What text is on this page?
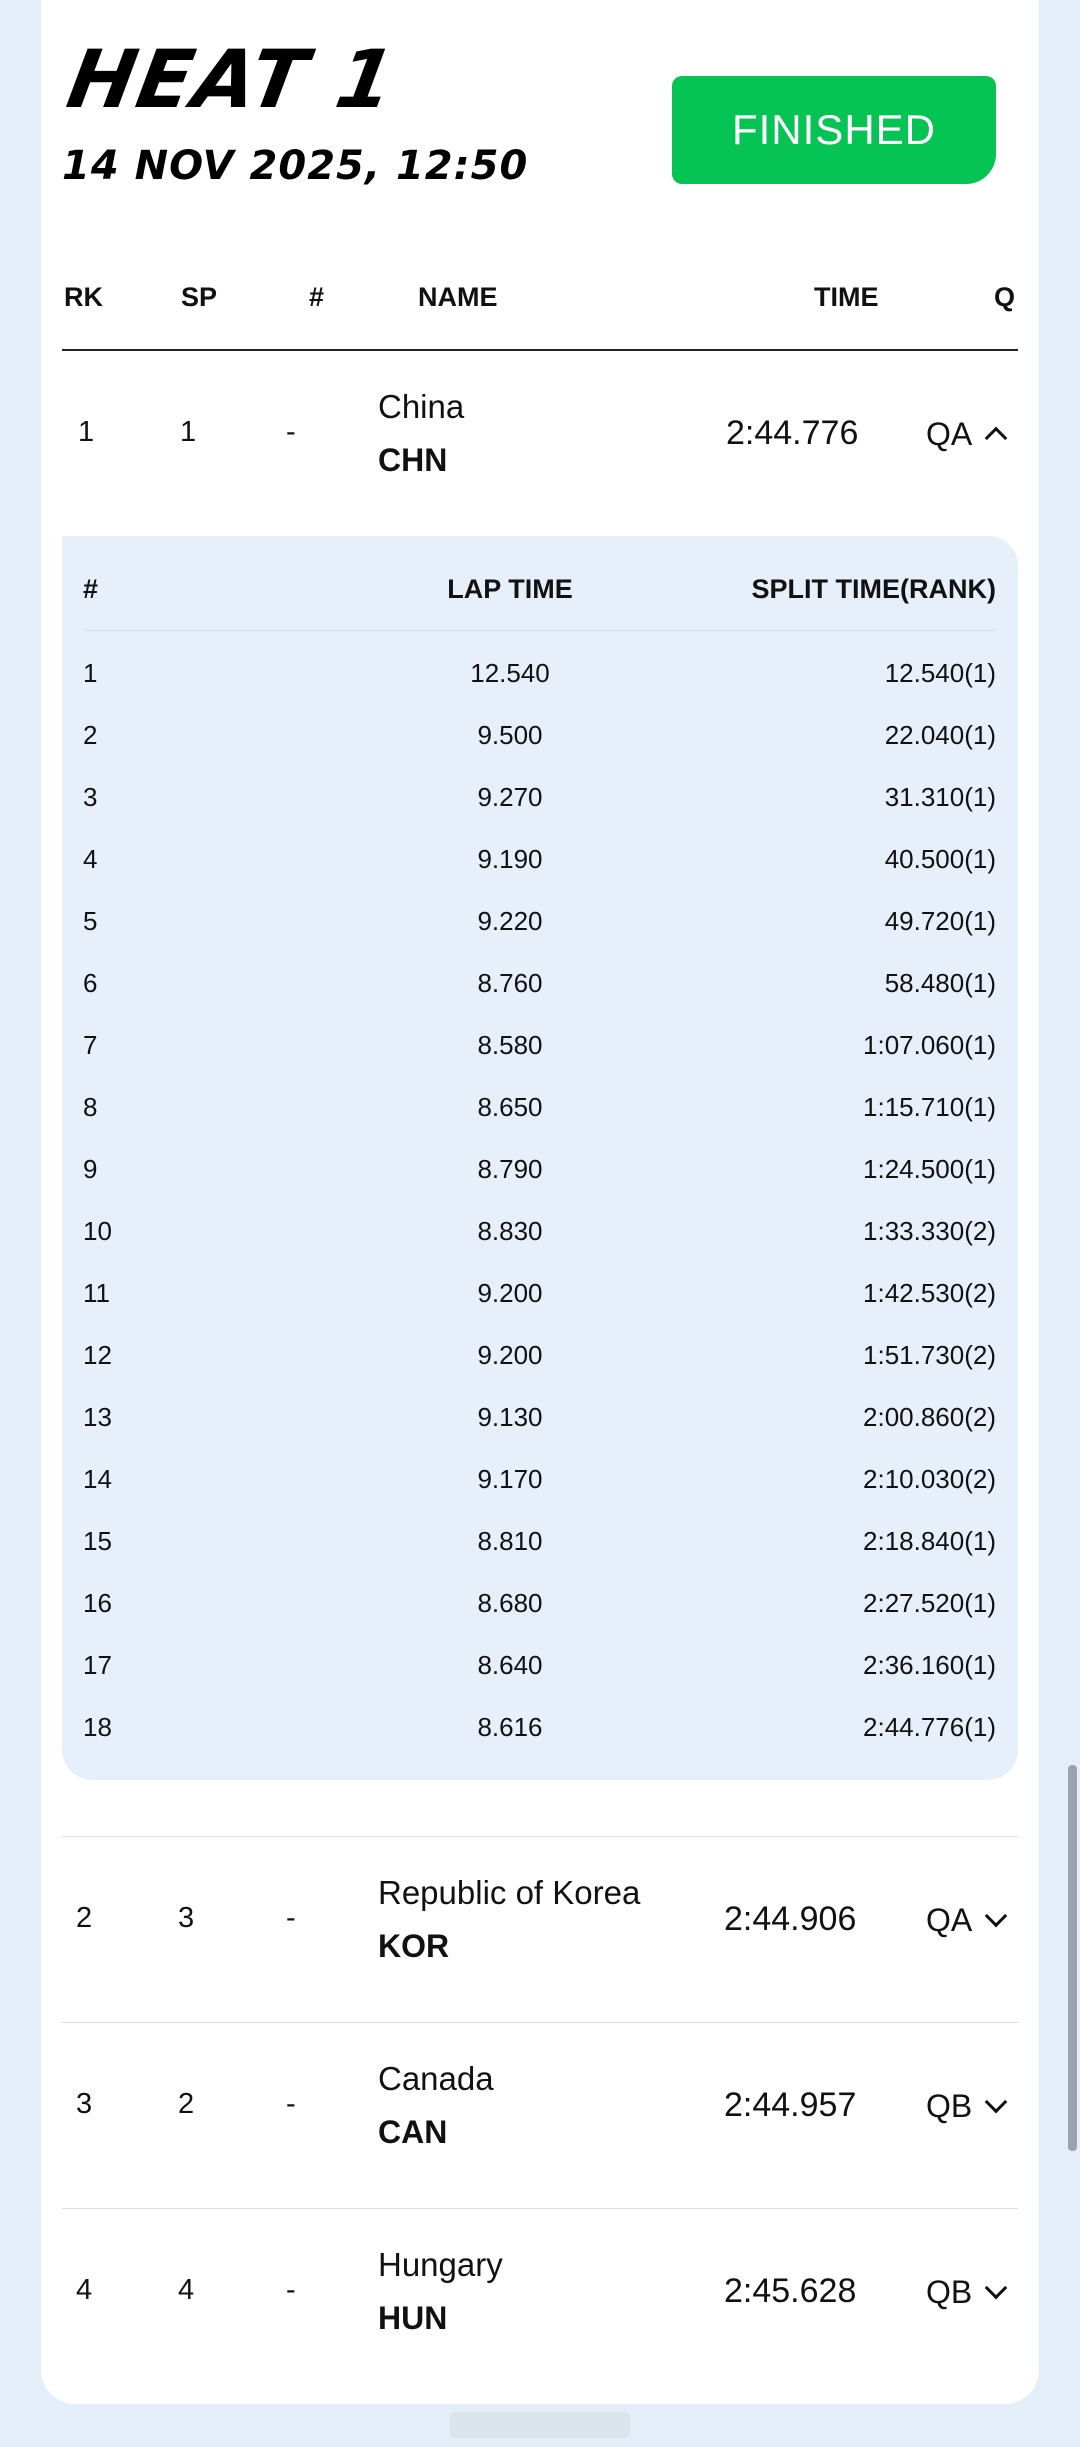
HEAT 1
14 NOV 2025, 12:50
FINISHED
RK	SP	#	NAME	TIME	Q
1	1	-
China
CHN
2:44.776 QA
#	LAP TIME	SPLIT TIME(RANK)
1	12.540	12.540(1)
2	9.500	22.040(1)
3	9.270	31.310(1)
4	9.190	40.500(1)
5	9.220	49.720(1)
6	8.760	58.480(1)
7	8.580	1:07.060(1)
8	8.650	1:15.710(1)
9	8.790	1:24.500(1)
10	8.830	1:33.330(2)
11	9.200	1:42.530(2)
12	9.200	1:51.730(2)
13	9.130	2:00.860(2)
14	9.170	2:10.030(2)
15	8.810	2:18.840(1)
16	8.680	2:27.520(1)
17	8.640	2:36.160(1)
18	8.616	2:44.776(1)
2	3	-
Republic of Korea
KOR
2:44.906 QA
3	2	-
Canada
CAN
2:44.957 QB
4	4	-
Hungary
HUN
2:45.628 QB
